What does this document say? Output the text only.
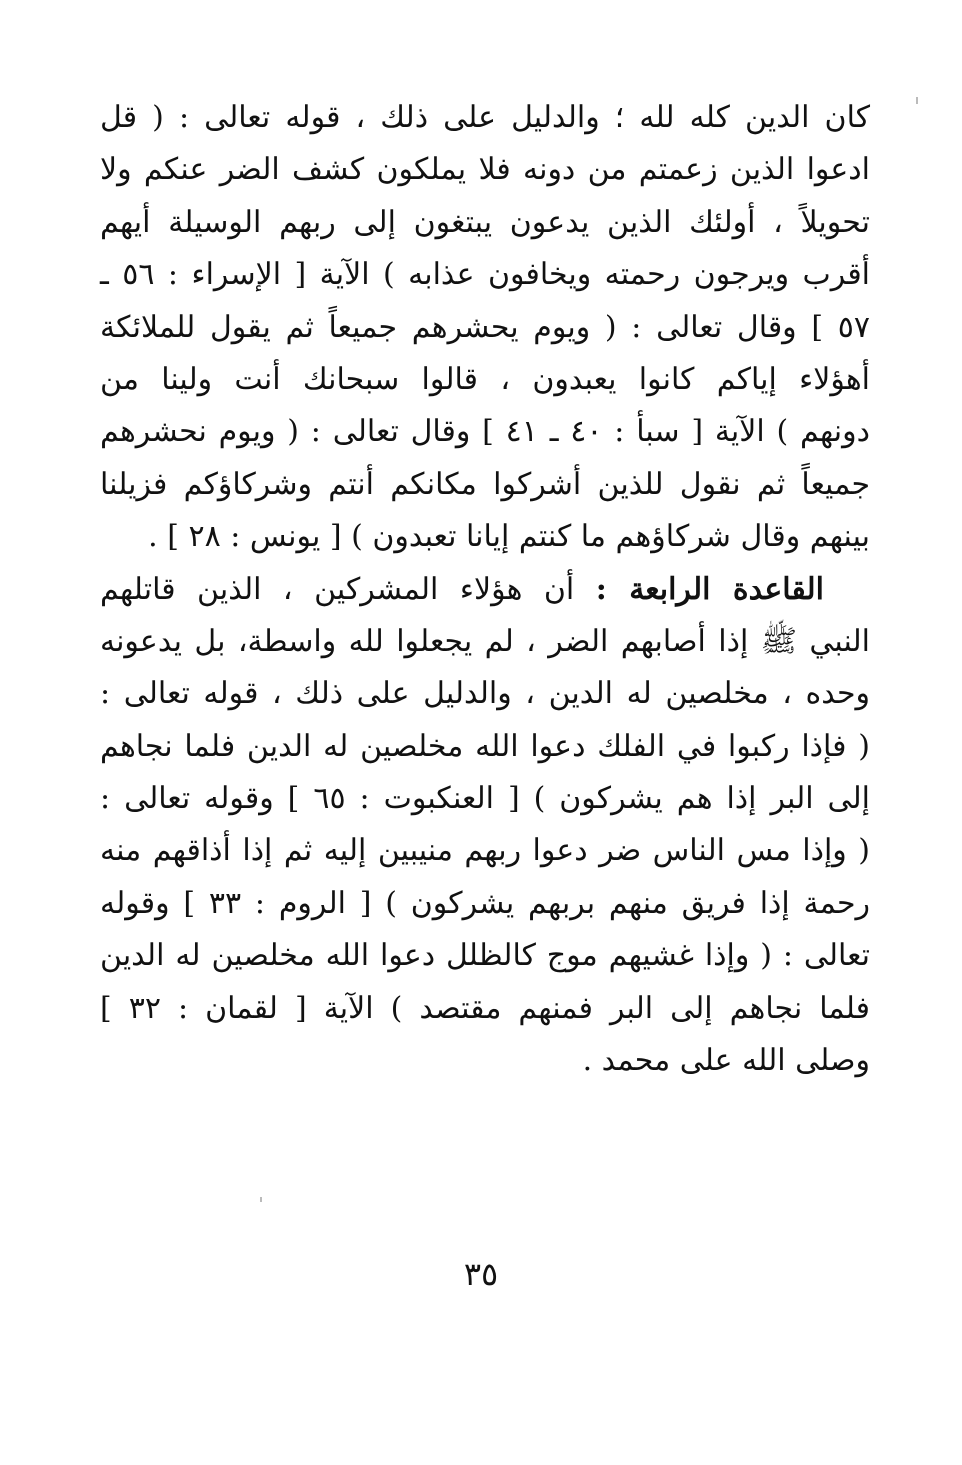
كان الدين كله لله ؛ والدليل على ذلك ، قوله تعالى : ( قل
ادعوا الذين زعمتم من دونه فلا يملكون كشف الضر عنكم ولا
تحويلاً ، أولئك الذين يدعون يبتغون إلى ربهم الوسيلة أيهم
أقرب ويرجون رحمته ويخافون عذابه ) الآية [ الإسراء : ٥٦ ـ
٥٧ ] وقال تعالى : ( ويوم يحشرهم جميعاً ثم يقول للملائكة
أهؤلاء إياكم كانوا يعبدون ، قالوا سبحانك أنت ولينا من
دونهم ) الآية [ سبأ : ٤٠ ـ ٤١ ] وقال تعالى : ( ويوم نحشرهم
جميعاً ثم نقول للذين أشركوا مكانكم أنتم وشركاؤكم فزيلنا
بينهم وقال شركاؤهم ما كنتم إيانا تعبدون ) [ يونس : ٢٨ ] .
القاعدة الرابعة : أن هؤلاء المشركين ، الذين قاتلهم
النبي ﷺ إذا أصابهم الضر ، لم يجعلوا لله واسطة، بل يدعونه
وحده ، مخلصين له الدين ، والدليل على ذلك ، قوله تعالى :
( فإذا ركبوا في الفلك دعوا الله مخلصين له الدين فلما نجاهم
إلى البر إذا هم يشركون ) [ العنكبوت : ٦٥ ] وقوله تعالى :
( وإذا مس الناس ضر دعوا ربهم منيبين إليه ثم إذا أذاقهم منه
رحمة إذا فريق منهم بربهم يشركون ) [ الروم : ٣٣ ] وقوله
تعالى : ( وإذا غشيهم موج كالظلل دعوا الله مخلصين له الدين
فلما نجاهم إلى البر فمنهم مقتصد ) الآية [ لقمان : ٣٢ ]
وصلى الله على محمد .
٣٥
